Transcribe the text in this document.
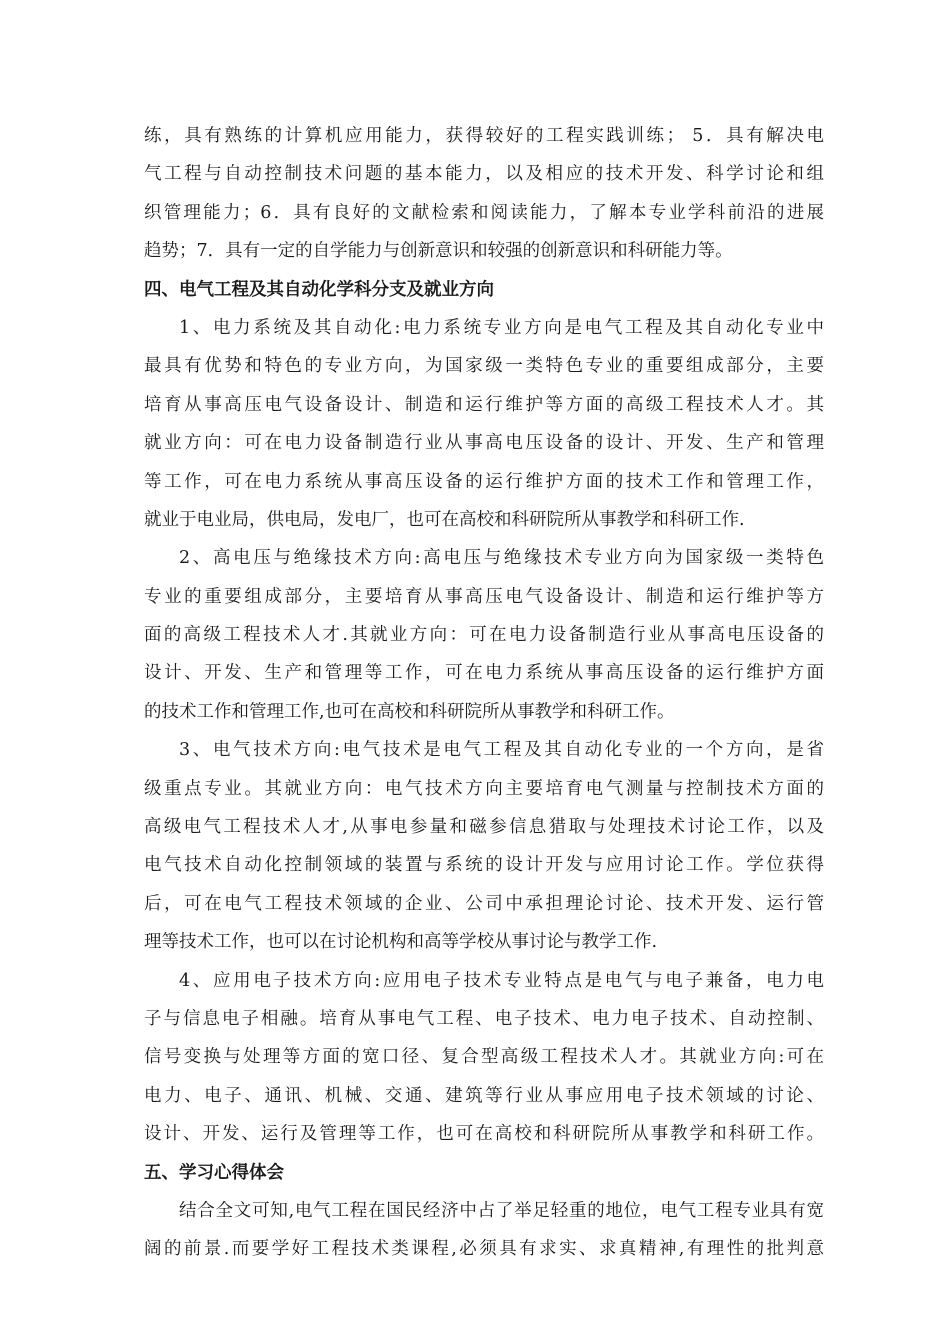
练，具有熟练的计算机应用能力，获得较好的工程实践训练； 5．具有解决电
气工程与自动控制技术问题的基本能力，以及相应的技术开发、科学讨论和组
织管理能力；6．具有良好的文献检索和阅读能力，了解本专业学科前沿的进展
趋势；7．具有一定的自学能力与创新意识和较强的创新意识和科研能力等。
四、电气工程及其自动化学科分支及就业方向
1、电力系统及其自动化:电力系统专业方向是电气工程及其自动化专业中
最具有优势和特色的专业方向，为国家级一类特色专业的重要组成部分，主要
培育从事高压电气设备设计、制造和运行维护等方面的高级工程技术人才。其
就业方向：可在电力设备制造行业从事高电压设备的设计、开发、生产和管理
等工作，可在电力系统从事高压设备的运行维护方面的技术工作和管理工作，
就业于电业局，供电局，发电厂，也可在高校和科研院所从事教学和科研工作.
2、高电压与绝缘技术方向:高电压与绝缘技术专业方向为国家级一类特色
专业的重要组成部分，主要培育从事高压电气设备设计、制造和运行维护等方
面的高级工程技术人才.其就业方向：可在电力设备制造行业从事高电压设备的
设计、开发、生产和管理等工作，可在电力系统从事高压设备的运行维护方面
的技术工作和管理工作,也可在高校和科研院所从事教学和科研工作。
3、电气技术方向:电气技术是电气工程及其自动化专业的一个方向，是省
级重点专业。其就业方向：电气技术方向主要培育电气测量与控制技术方面的
高级电气工程技术人才,从事电参量和磁参信息猎取与处理技术讨论工作，以及
电气技术自动化控制领域的装置与系统的设计开发与应用讨论工作。学位获得
后，可在电气工程技术领域的企业、公司中承担理论讨论、技术开发、运行管
理等技术工作，也可以在讨论机构和高等学校从事讨论与教学工作.
4、应用电子技术方向:应用电子技术专业特点是电气与电子兼备，电力电
子与信息电子相融。培育从事电气工程、电子技术、电力电子技术、自动控制、
信号变换与处理等方面的宽口径、复合型高级工程技术人才。其就业方向:可在
电力、电子、通讯、机械、交通、建筑等行业从事应用电子技术领域的讨论、
设计、开发、运行及管理等工作，也可在高校和科研院所从事教学和科研工作。
五、学习心得体会
结合全文可知,电气工程在国民经济中占了举足轻重的地位，电气工程专业具有宽
阔的前景.而要学好工程技术类课程,必须具有求实、求真精神,有理性的批判意
